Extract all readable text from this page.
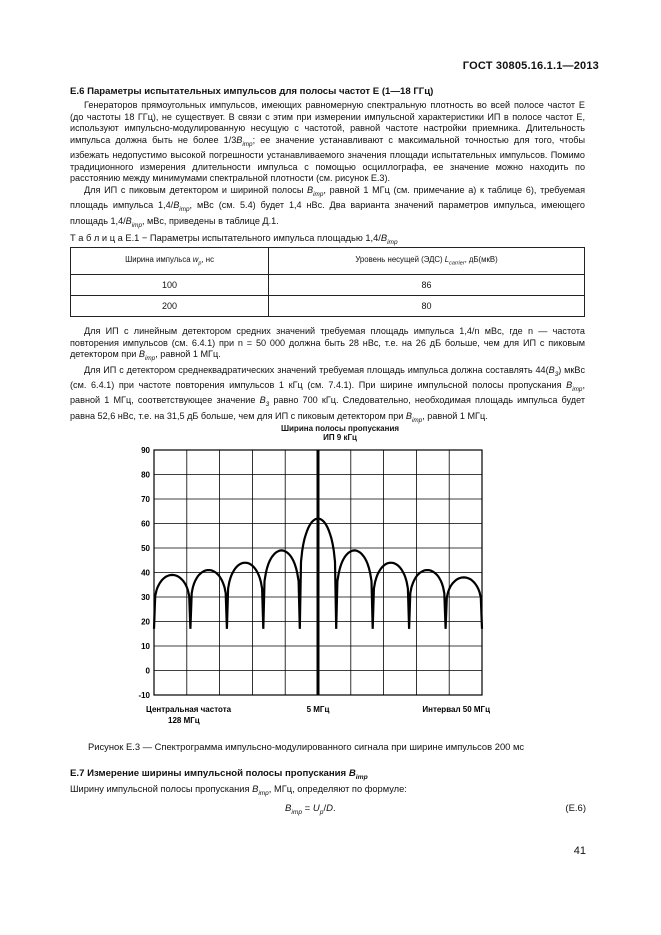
ГОСТ 30805.16.1.1—2013
Е.6 Параметры испытательных импульсов для полосы частот Е (1—18 ГГц)

Генераторов прямоугольных импульсов, имеющих равномерную спектральную плотность во всей полосе частот Е (до частоты 18 ГГц), не существует. В связи с этим при измерении импульсной характеристики ИП в полосе частот Е, используют импульсно-модулированную несущую с частотой, равной частоте настройки приемника. Длительность импульса должна быть не более $1/3B_{imp}$; ее значение устанавливают с максимальной точностью для того, чтобы избежать недопустимо высокой погрешности устанавливаемого значения площади испытательных импульсов. Помимо традиционного измерения длительности импульса с помощью осциллографа, ее значение можно находить по расстоянию между минимумами спектральной плотности (см. рисунок Е.3).

Для ИП с пиковым детектором и шириной полосы $B_{imp}$, равной 1 МГц (см. примечание а) к таблице 6), требуемая площадь импульса $1,4/B_{imp}$, мВс (см. 5.4) будет 1,4 нВс. Два варианта значений параметров импульса, имеющего площадь $1,4/B_{imp}$, мВс, приведены в таблице Д.1.

Т а б л и ц а Е.1 − Параметры испытательного импульса площадью $1,4/B_{imp}$
Ширина импульса $w_p$, нс	Уровень несущей (ЭДС) $L_{carrier}$, дБ(мкВ)
100	86
200	80

Для ИП с линейным детектором средних значений требуемая площадь импульса 1,4/n мВс, где n — частота повторения импульсов (см. 6.4.1) при n = 50 000 должна быть 28 нВс, т.е. на 26 дБ больше, чем для ИП с пиковым детектором при $B_{imp}$, равной 1 МГц.

Для ИП с детектором среднеквадратических значений требуемая площадь импульса должна составлять $44(B_3)$ мкВс (см. 6.4.1) при частоте повторения импульсов 1 кГц (см. 7.4.1). При ширине импульсной полосы пропускания $B_{imp}$, равной 1 МГц, соответствующее значение $B_3$ равно 700 кГц. Следовательно, необходимая площадь импульса будет равна 52,6 нВс, т.е. на 31,5 дБ больше, чем для ИП с пиковым детектором при $B_{imp}$, равной 1 МГц.

Ширина полосы пропускания
ИП 9 кГц
90
80
70
60
50
40
30
20
10
0
-10
Центральная частота
128 МГц
5 МГц	Интервал 50 МГц
Рисунок Е.3 — Спектрограмма импульсно-модулированного сигнала при ширине импульсов 200 мс
Е.7 Измерение ширины импульсной полосы пропускания $B_{imp}$
Ширину импульсной полосы пропускания $B_{imp}$, МГц, определяют по формуле:
$B_{imp} = U_p/D$.	(Е.6)
41
